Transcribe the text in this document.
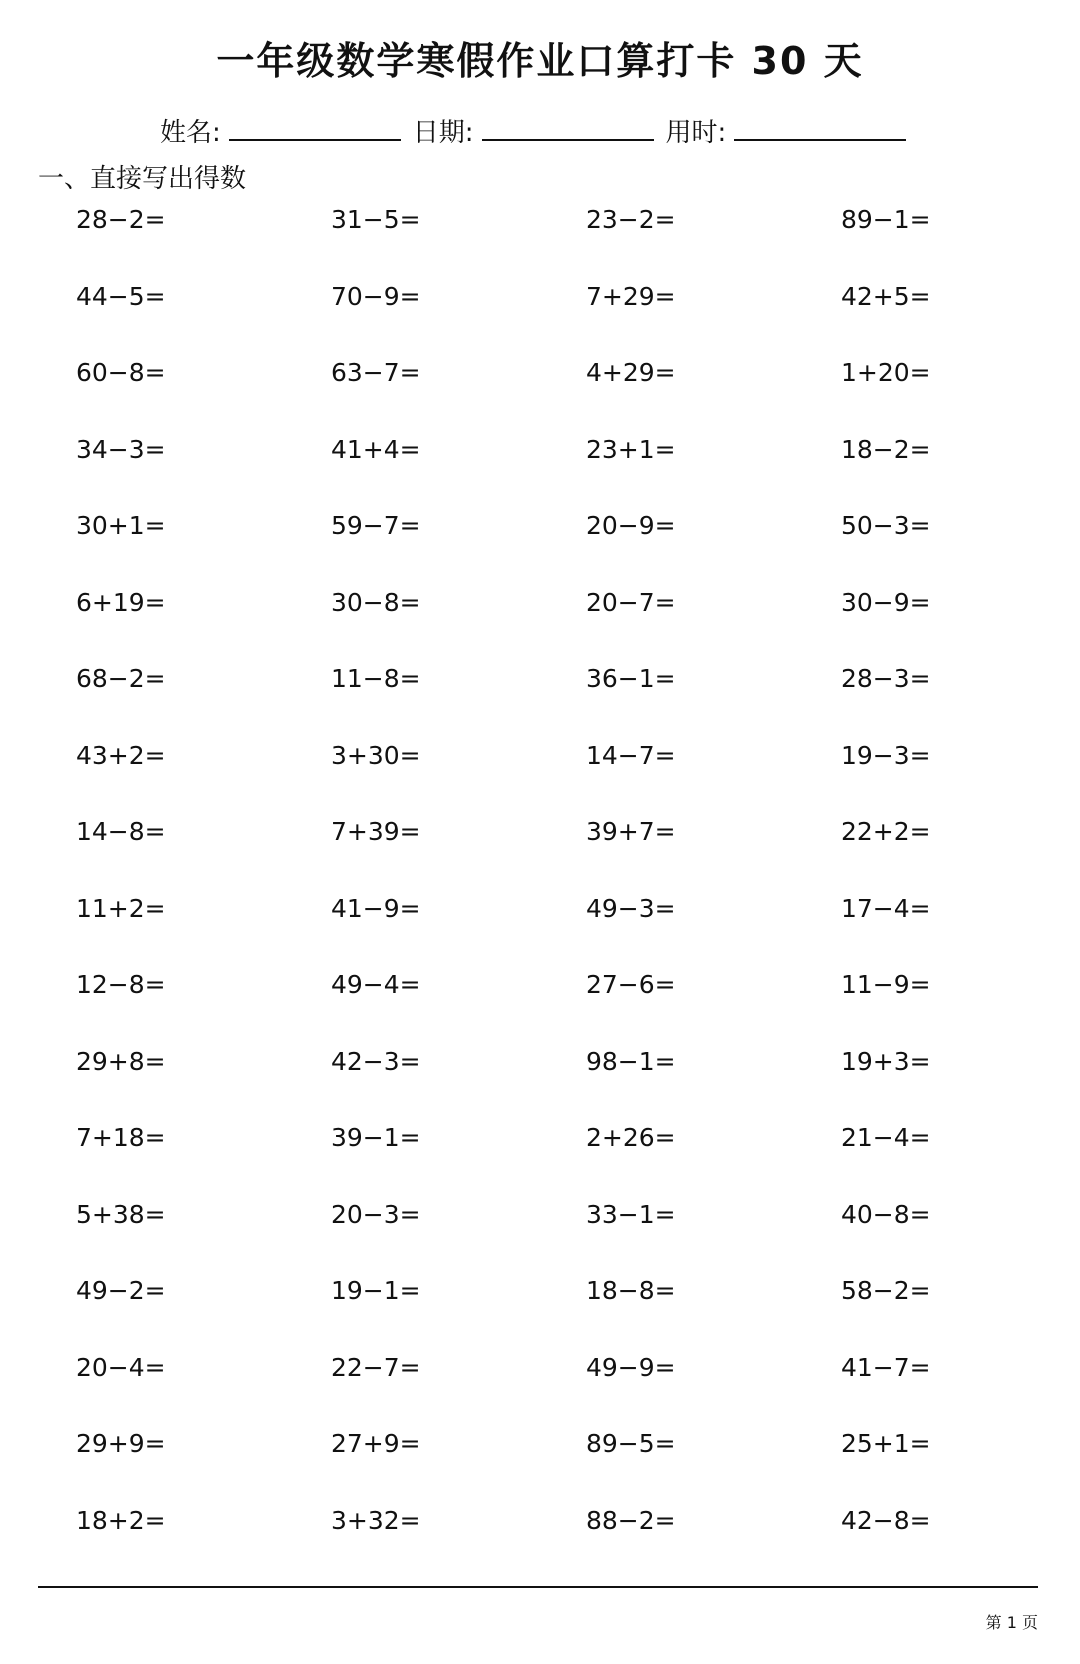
一年级数学寒假作业口算打卡 30 天
姓名:	日期:	用时:
一、直接写出得数
28−2=	31−5=	23−2=	89−1=
44−5=	70−9=	7+29=	42+5=
60−8=	63−7=	4+29=	1+20=
34−3=	41+4=	23+1=	18−2=
30+1=	59−7=	20−9=	50−3=
6+19=	30−8=	20−7=	30−9=
68−2=	11−8=	36−1=	28−3=
43+2=	3+30=	14−7=	19−3=
14−8=	7+39=	39+7=	22+2=
11+2=	41−9=	49−3=	17−4=
12−8=	49−4=	27−6=	11−9=
29+8=	42−3=	98−1=	19+3=
7+18=	39−1=	2+26=	21−4=
5+38=	20−3=	33−1=	40−8=
49−2=	19−1=	18−8=	58−2=
20−4=	22−7=	49−9=	41−7=
29+9=	27+9=	89−5=	25+1=
18+2=	3+32=	88−2=	42−8=
第 1 页
